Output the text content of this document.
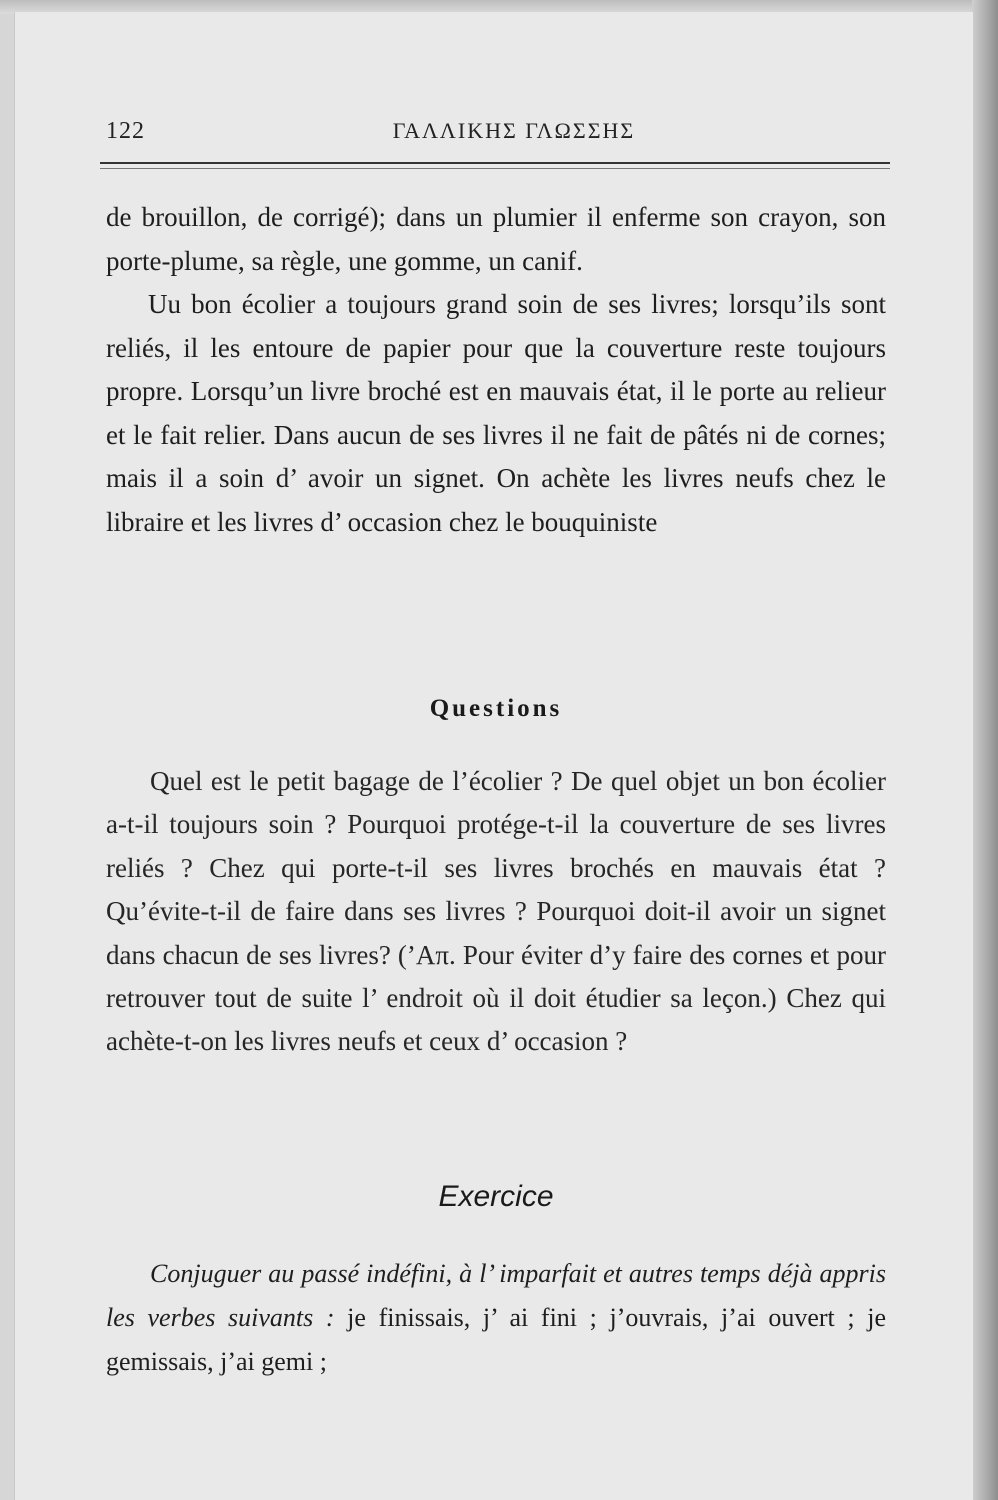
122	ΓΑΛΛΙΚΗΣ ΓΛΩΣΣΗΣ

de brouillon, de corrigé); dans un plumier il enferme son crayon, son porte-plume, sa règle, une gomme, un canif.

Uu bon écolier a toujours grand soin de ses livres; lorsqu’ils sont reliés, il les entoure de papier pour que la couverture reste toujours propre. Lorsqu’un livre broché est en mauvais état, il le porte au relieur et le fait relier. Dans aucun de ses livres il ne fait de pâtés ni de cornes; mais il a soin d’ avoir un signet. On achète les livres neufs chez le libraire et les livres d’ occasion chez le bouquiniste

Questions

Quel est le petit bagage de l’écolier ? De quel objet un bon écolier a-t-il toujours soin ? Pourquoi protége-t-il la couverture de ses livres reliés ? Chez qui porte-t-il ses livres brochés en mauvais état ? Qu’évite-t-il de faire dans ses livres ? Pourquoi doit-il avoir un signet dans chacun de ses livres? (’Απ. Pour éviter d’y faire des cornes et pour retrouver tout de suite l’ endroit où il doit étudier sa leçon.) Chez qui achète-t-on les livres neufs et ceux d’ occasion ?

Exercice

Conjuguer au passé indéfini, à l’ imparfait et autres temps déjà appris les verbes suivants : je finissais, j’ ai fini ; j’ouvrais, j’ai ouvert ; je gemissais, j’ai gemi ;
